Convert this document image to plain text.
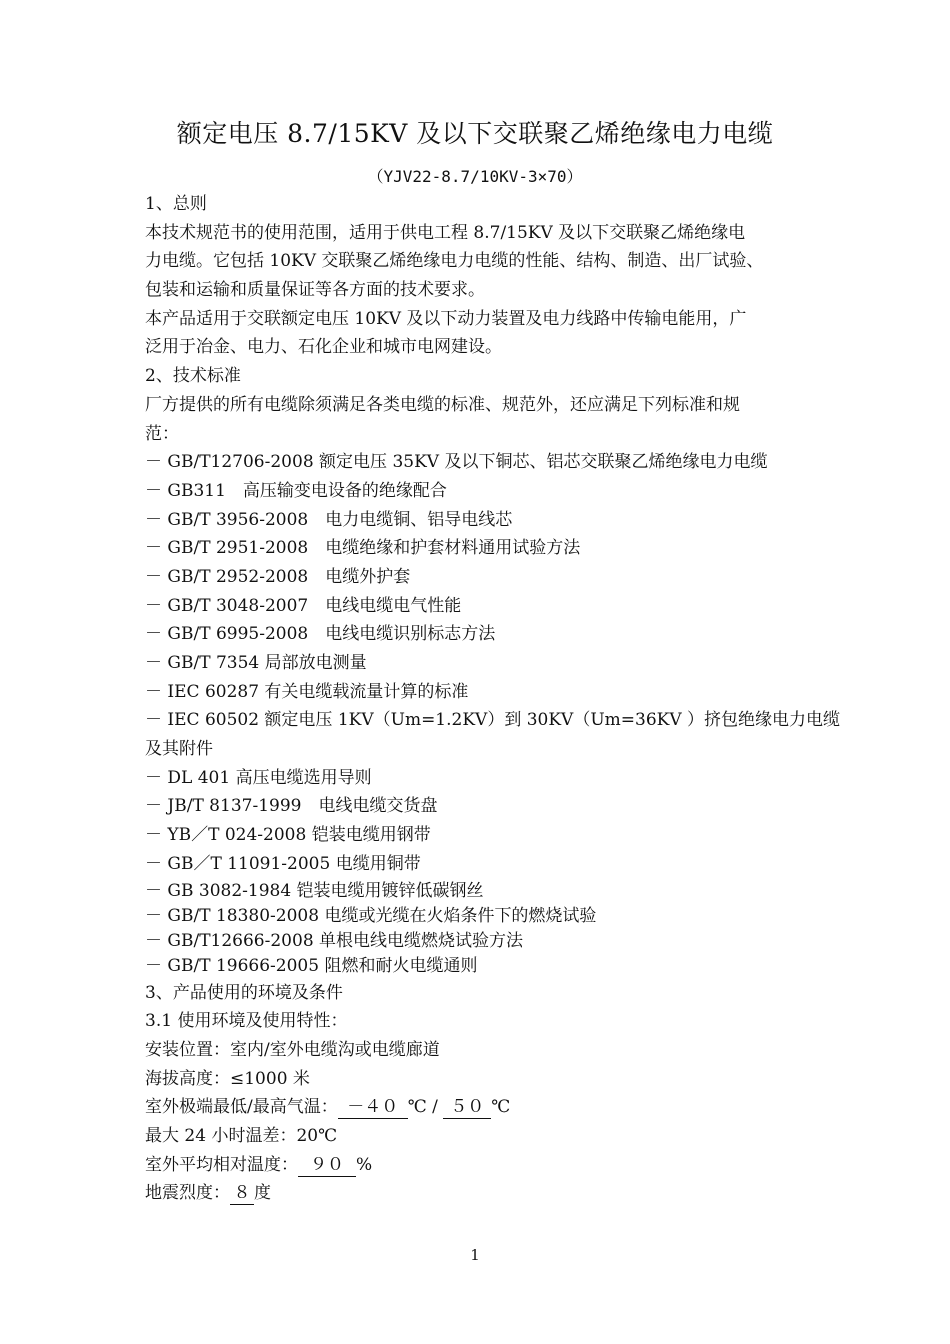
额定电压 8.7/15KV 及以下交联聚乙烯绝缘电力电缆
（YJV22-8.7/10KV-3×70）
1、总则
本技术规范书的使用范围，适用于供电工程 8.7/15KV 及以下交联聚乙烯绝缘电
力电缆。它包括 10KV 交联聚乙烯绝缘电力电缆的性能、结构、制造、出厂试验、
包装和运输和质量保证等各方面的技术要求。
本产品适用于交联额定电压 10KV 及以下动力装置及电力线路中传输电能用，广
泛用于冶金、电力、石化企业和城市电网建设。
2、技术标准
厂方提供的所有电缆除须满足各类电缆的标准、规范外，还应满足下列标准和规
范：
－ GB/T12706-2008 额定电压 35KV 及以下铜芯、铝芯交联聚乙烯绝缘电力电缆
－ GB311　高压输变电设备的绝缘配合
－ GB/T 3956-2008　电力电缆铜、铝导电线芯
－ GB/T 2951-2008　电缆绝缘和护套材料通用试验方法
－ GB/T 2952-2008　电缆外护套
－ GB/T 3048-2007　电线电缆电气性能
－ GB/T 6995-2008　电线电缆识别标志方法
－ GB/T 7354 局部放电测量
－ IEC 60287 有关电缆载流量计算的标准
－ IEC 60502 额定电压 1KV（Um=1.2KV）到 30KV（Um=36KV ）挤包绝缘电力电缆
及其附件
－ DL 401 高压电缆选用导则
－ JB/T 8137-1999　电线电缆交货盘
－ YB／T 024-2008 铠装电缆用钢带
－ GB／T 11091-2005 电缆用铜带
－ GB 3082-1984 铠装电缆用镀锌低碳钢丝
－ GB/T 18380-2008 电缆或光缆在火焰条件下的燃烧试验
－ GB/T12666-2008 单根电线电缆燃烧试验方法
－ GB/T 19666-2005 阻燃和耐火电缆通则
3、产品使用的环境及条件
3.1 使用环境及使用特性：
安装位置：室内/室外电缆沟或电缆廊道
海拔高度：≤1000 米
室外极端最低/最高气温： －４０ ℃ / ５０ ℃
最大 24 小时温差：20℃
室外平均相对温度： ９０ %
地震烈度： ８ 度
1
